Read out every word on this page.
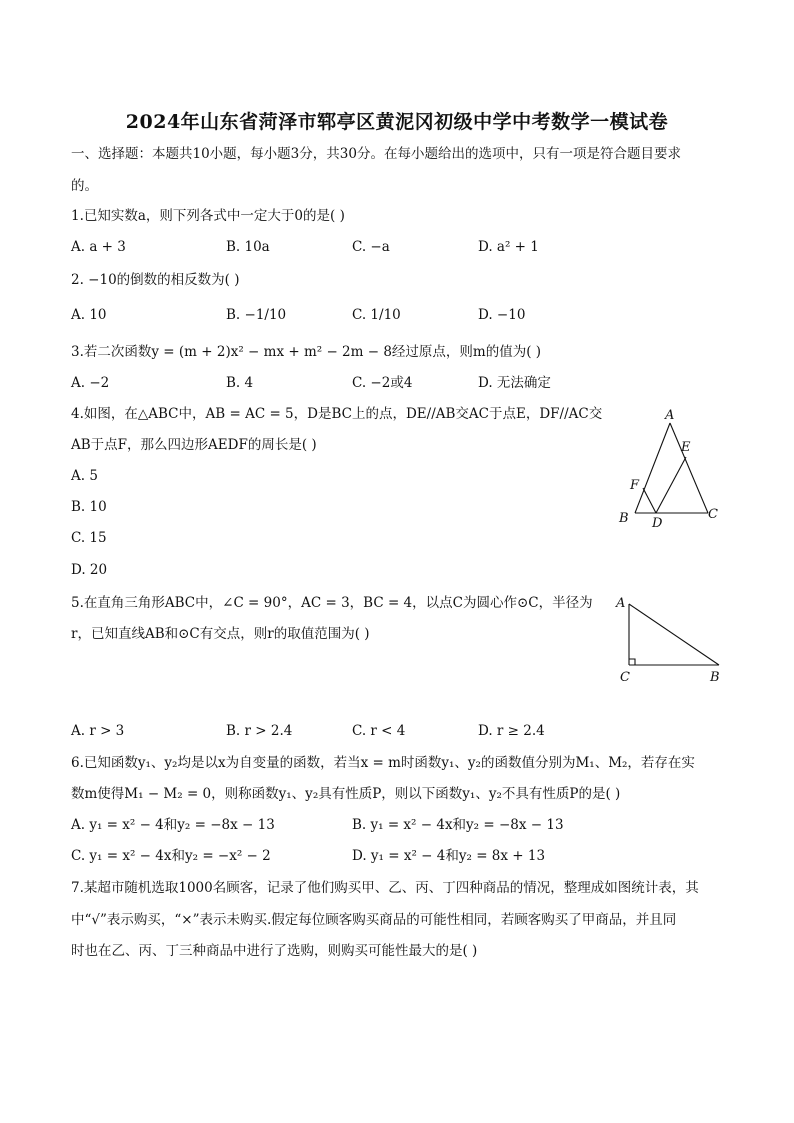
2024年山东省菏泽市郓亭区黄泥冈初级中学中考数学一模试卷
一、选择题：本题共10小题，每小题3分，共30分。在每小题给出的选项中，只有一项是符合题目要求
的。
1.已知实数a，则下列各式中一定大于0的是( )
A. a + 3	B. 10a	C. −a	D. a² + 1
2. −10的倒数的相反数为( )
A. 10	B. −1/10	C. 1/10	D. −10
3.若二次函数y = (m + 2)x² − mx + m² − 2m − 8经过原点，则m的值为( )
A. −2	B. 4	C. −2或4	D. 无法确定
4.如图，在△ABC中，AB = AC = 5，D是BC上的点，DE//AB交AC于点E，DF//AC交
AB于点F，那么四边形AEDF的周长是( )
A. 5
B. 10
C. 15
D. 20
A
E
F
B D
C
5.在直角三角形ABC中，∠C = 90°，AC = 3，BC = 4，以点C为圆心作⊙C，半径为
r，已知直线AB和⊙C有交点，则r的取值范围为( )
A
C	B
A. r > 3	B. r > 2.4	C. r < 4	D. r ≥ 2.4
6.已知函数y₁、y₂均是以x为自变量的函数，若当x = m时函数y₁、y₂的函数值分别为M₁、M₂，若存在实
数m使得M₁ − M₂ = 0，则称函数y₁、y₂具有性质P，则以下函数y₁、y₂不具有性质P的是( )
A. y₁ = x² − 4和y₂ = −8x − 13	B. y₁ = x² − 4x和y₂ = −8x − 13
C. y₁ = x² − 4x和y₂ = −x² − 2	D. y₁ = x² − 4和y₂ = 8x + 13
7.某超市随机选取1000名顾客，记录了他们购买甲、乙、丙、丁四种商品的情况，整理成如图统计表，其
中“√”表示购买，“×”表示未购买.假定每位顾客购买商品的可能性相同，若顾客购买了甲商品，并且同
时也在乙、丙、丁三种商品中进行了选购，则购买可能性最大的是( )
